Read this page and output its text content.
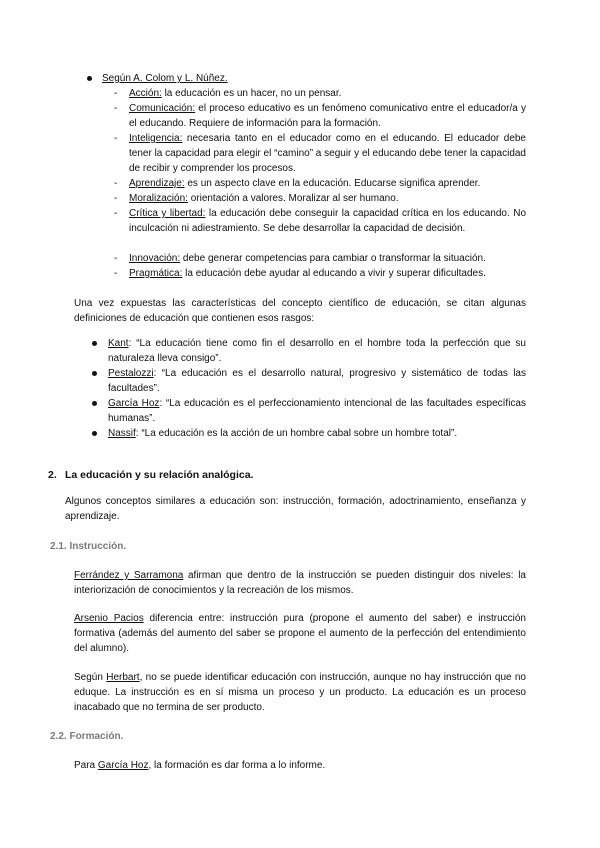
Según A. Colom y L. Núñez.
- Acción: la educación es un hacer, no un pensar.
- Comunicación: el proceso educativo es un fenómeno comunicativo entre el educador/a y el educando. Requiere de información para la formación.
- Inteligencia: necesaria tanto en el educador como en el educando. El educador debe tener la capacidad para elegir el “camino” a seguir y el educando debe tener la capacidad de recibir y comprender los procesos.
- Aprendizaje: es un aspecto clave en la educación. Educarse significa aprender.
- Moralización: orientación a valores. Moralizar al ser humano.
- Crítica y libertad: la educación debe conseguir la capacidad crítica en los educando. No inculcación ni adiestramiento. Se debe desarrollar la capacidad de decisión.
- Innovación: debe generar competencias para cambiar o transformar la situación.
- Pragmática: la educación debe ayudar al educando a vivir y superar dificultades.
Una vez expuestas las características del concepto científico de educación, se citan algunas definiciones de educación que contienen esos rasgos:
Kant: “La educación tiene como fin el desarrollo en el hombre toda la perfección que su naturaleza lleva consigo”.
Pestalozzi: “La educación es el desarrollo natural, progresivo y sistemático de todas las facultades”.
García Hoz: “La educación es el perfeccionamiento intencional de las facultades específicas humanas”.
Nassif: “La educación es la acción de un hombre cabal sobre un hombre total”.
2. La educación y su relación analógica.
Algunos conceptos similares a educación son: instrucción, formación, adoctrinamiento, enseñanza y aprendizaje.
2.1. Instrucción.
Ferrández y Sarramona afirman que dentro de la instrucción se pueden distinguir dos niveles: la interiorización de conocimientos y la recreación de los mismos.
Arsenio Pacios diferencia entre: instrucción pura (propone el aumento del saber) e instrucción formativa (además del aumento del saber se propone el aumento de la perfección del entendimiento del alumno).
Según Herbart, no se puede identificar educación con instrucción, aunque no hay instrucción que no eduque. La instrucción es en sí misma un proceso y un producto. La educación es un proceso inacabado que no termina de ser producto.
2.2. Formación.
Para García Hoz, la formación es dar forma a lo informe.
